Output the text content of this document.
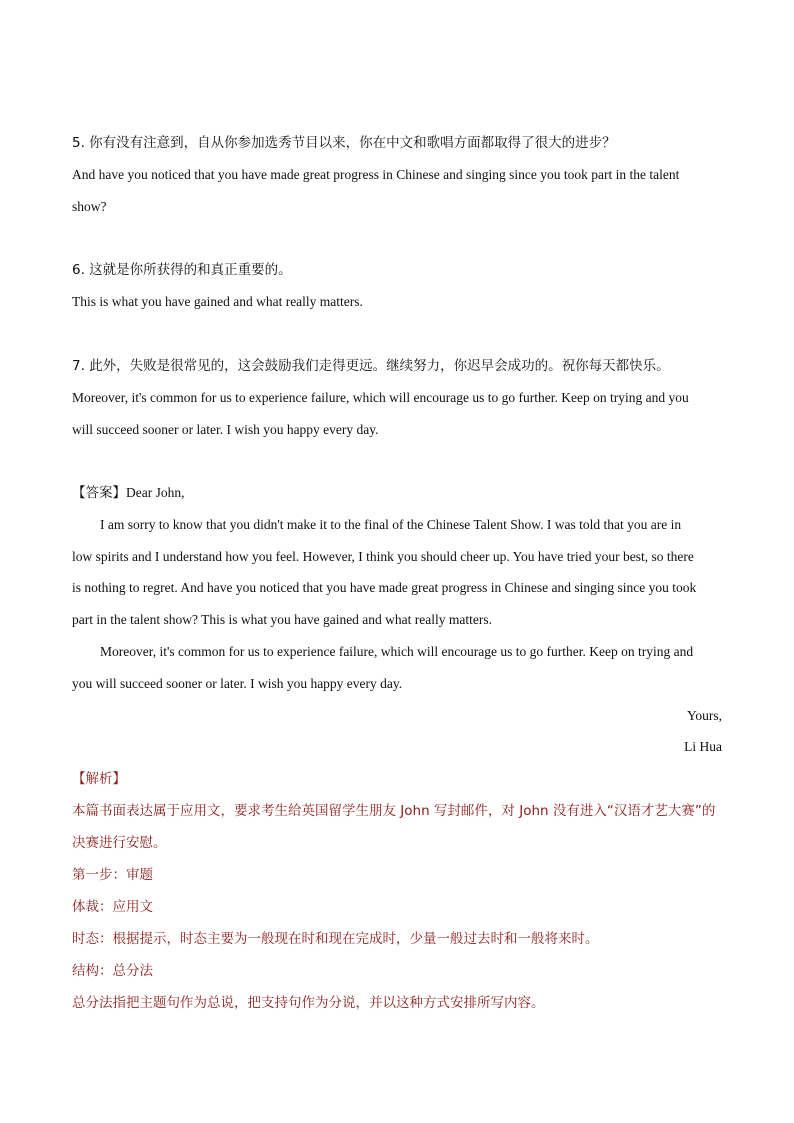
5. 你有没有注意到，自从你参加选秀节目以来，你在中文和歌唱方面都取得了很大的进步？
And have you noticed that you have made great progress in Chinese and singing since you took part in the talent
show?
6. 这就是你所获得的和真正重要的。
This is what you have gained and what really matters.
7. 此外，失败是很常见的，这会鼓励我们走得更远。继续努力，你迟早会成功的。祝你每天都快乐。
Moreover, it's common for us to experience failure, which will encourage us to go further. Keep on trying and you
will succeed sooner or later. I wish you happy every day.
【答案】Dear John,
I am sorry to know that you didn't make it to the final of the Chinese Talent Show. I was told that you are in
low spirits and I understand how you feel. However, I think you should cheer up. You have tried your best, so there
is nothing to regret. And have you noticed that you have made great progress in Chinese and singing since you took
part in the talent show? This is what you have gained and what really matters.
Moreover, it's common for us to experience failure, which will encourage us to go further. Keep on trying and
you will succeed sooner or later. I wish you happy every day.
Yours,
Li Hua
【解析】
本篇书面表达属于应用文，要求考生给英国留学生朋友 John 写封邮件，对 John 没有进入“汉语才艺大赛”的
决赛进行安慰。
第一步：审题
体裁：应用文
时态：根据提示，时态主要为一般现在时和现在完成时，少量一般过去时和一般将来时。
结构：总分法
总分法指把主题句作为总说，把支持句作为分说，并以这种方式安排所写内容。
